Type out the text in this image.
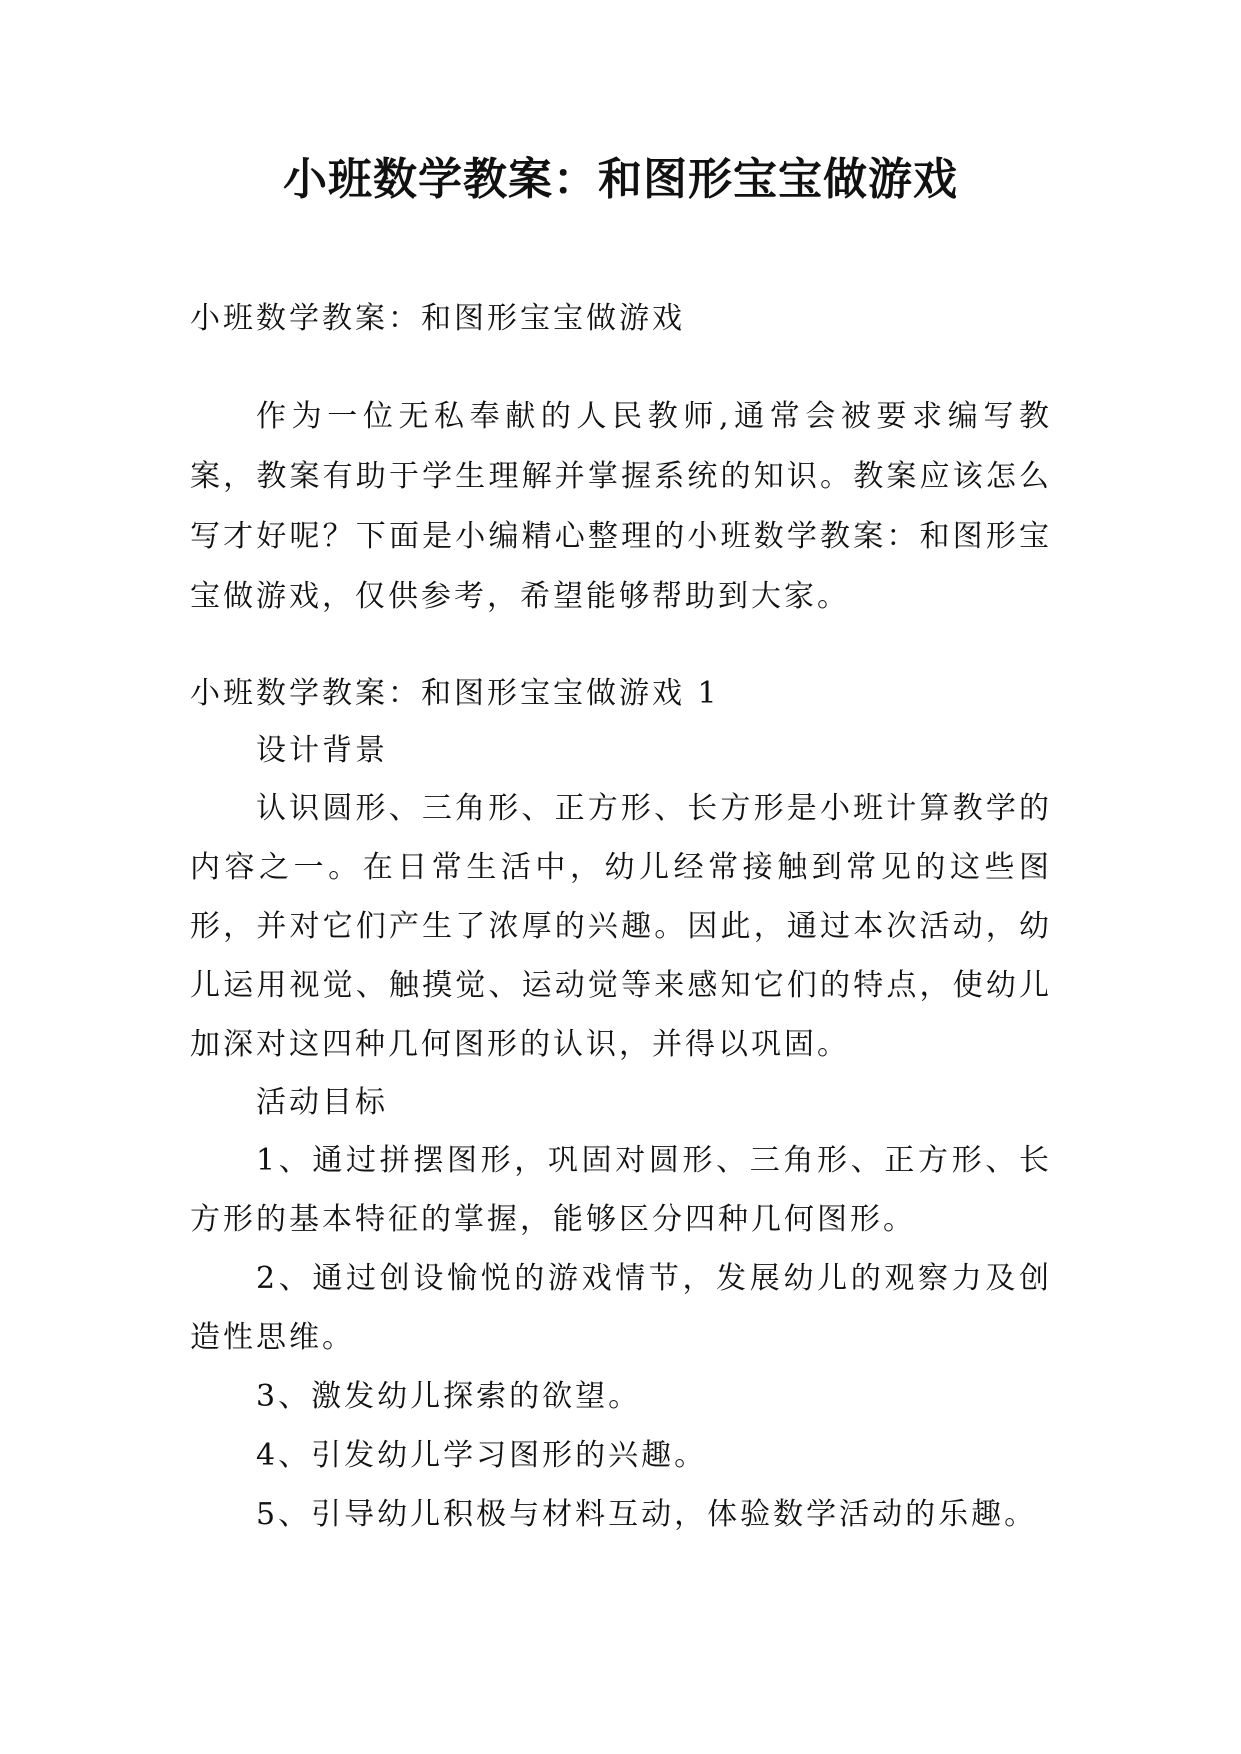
小班数学教案：和图形宝宝做游戏
小班数学教案：和图形宝宝做游戏

作为一位无私奉献的人民教师,通常会被要求编写教案，教案有助于学生理解并掌握系统的知识。教案应该怎么写才好呢？下面是小编精心整理的小班数学教案：和图形宝宝做游戏，仅供参考，希望能够帮助到大家。

小班数学教案：和图形宝宝做游戏 1
设计背景

认识圆形、三角形、正方形、长方形是小班计算教学的内容之一。在日常生活中，幼儿经常接触到常见的这些图形，并对它们产生了浓厚的兴趣。因此，通过本次活动，幼儿运用视觉、触摸觉、运动觉等来感知它们的特点，使幼儿加深对这四种几何图形的认识，并得以巩固。

活动目标

1、通过拼摆图形，巩固对圆形、三角形、正方形、长方形的基本特征的掌握，能够区分四种几何图形。

2、通过创设愉悦的游戏情节，发展幼儿的观察力及创造性思维。

3、激发幼儿探索的欲望。

4、引发幼儿学习图形的兴趣。

5、引导幼儿积极与材料互动，体验数学活动的乐趣。
